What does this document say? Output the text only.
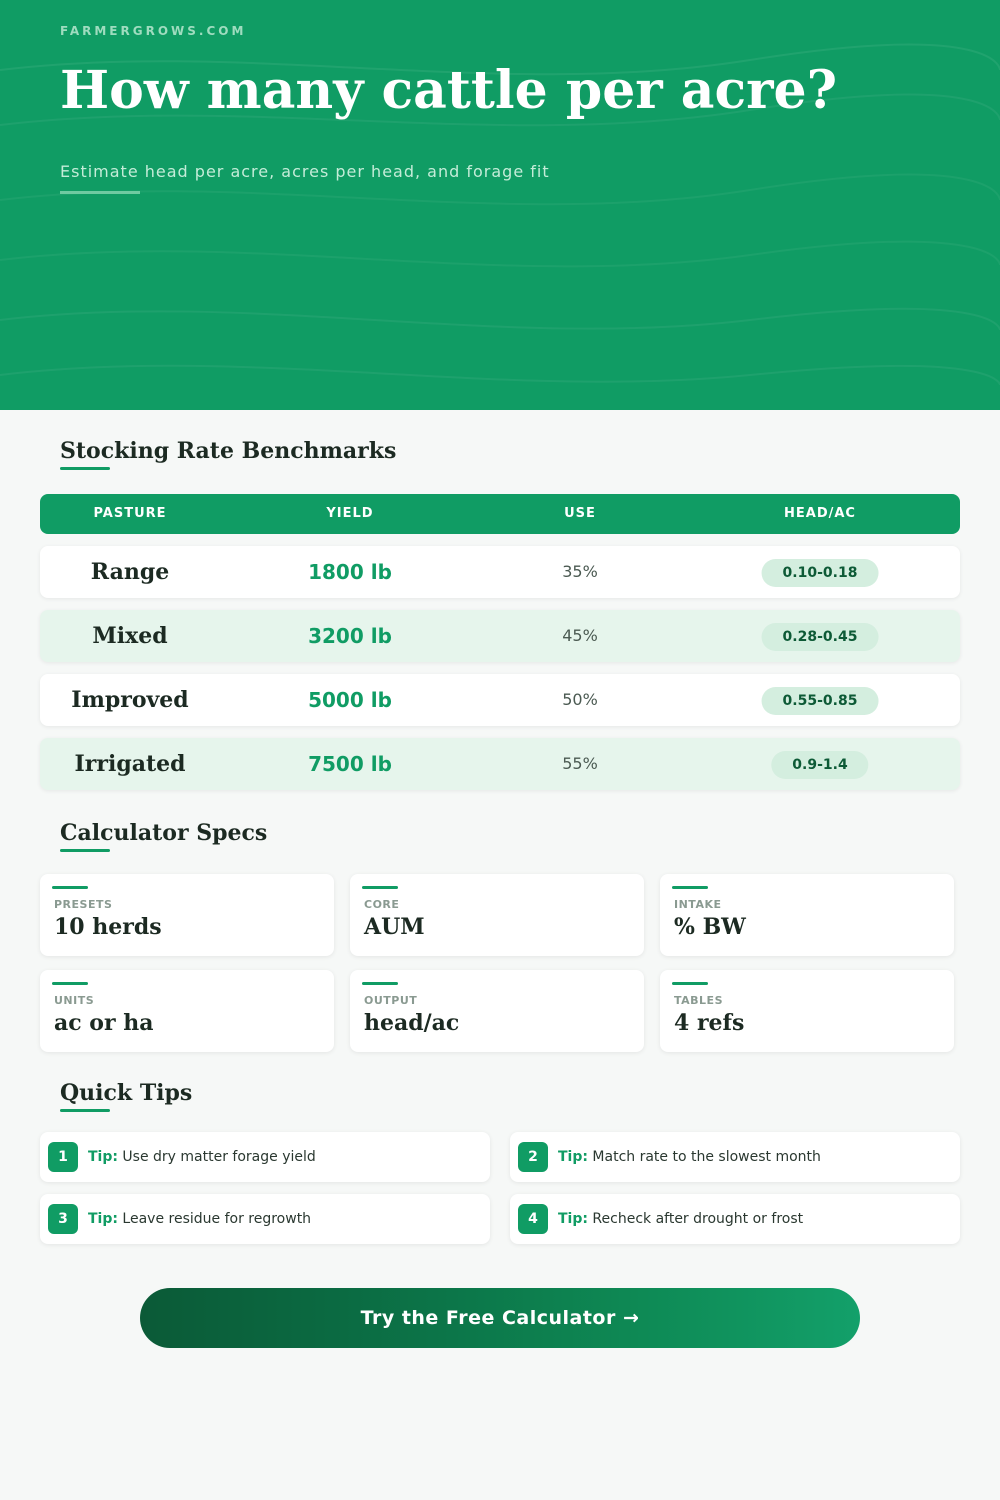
FARMERGROWS.COM
How many cattle per acre?
Estimate head per acre, acres per head, and forage fit
Stocking Rate Benchmarks
PASTURE	YIELD	USE	HEAD/AC
Range	1800 lb	35%	0.10-0.18
Mixed	3200 lb	45%	0.28-0.45
Improved	5000 lb	50%	0.55-0.85
Irrigated	7500 lb	55%	0.9-1.4
Calculator Specs
PRESETS
10 herds
CORE
AUM
INTAKE
% BW
UNITS
ac or ha
OUTPUT
head/ac
TABLES
4 refs
Quick Tips
1	Tip: Use dry matter forage yield	2	Tip: Match rate to the slowest month
3	Tip: Leave residue for regrowth	4	Tip: Recheck after drought or frost
Try the Free Calculator →
